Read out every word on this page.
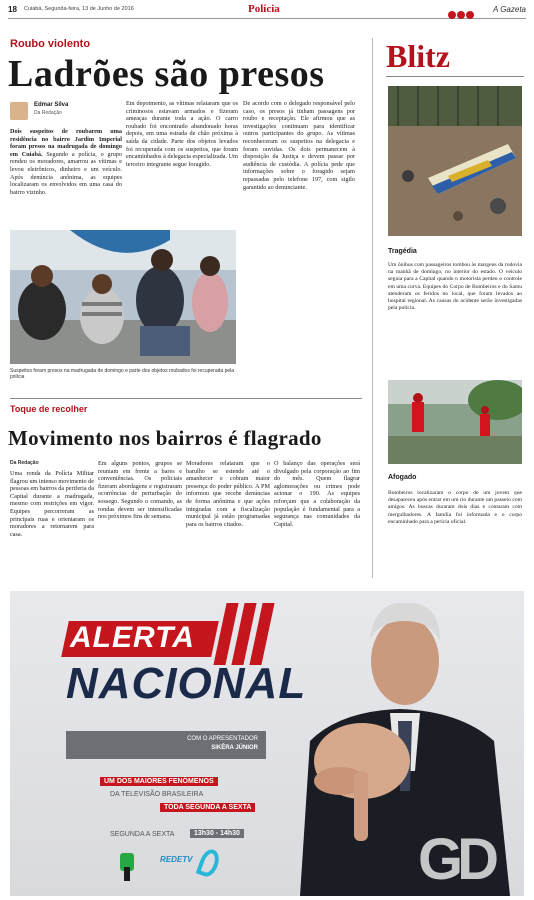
18 Cuiabá, Segunda-feira, 13 de Junho de 2016	Polícia	A Gazeta
Roubo violento
Ladrões são presos
Edmar Silva
Da Redação
Dois suspeitos de roubarem uma residência no bairro Jardim Imperial foram presos na madrugada de domingo em Cuiabá. Segundo a polícia, o grupo rendeu os moradores, amarrou as vítimas e levou eletrônicos, dinheiro e um veículo. Após denúncia anônima, as equipes localizaram os envolvidos em uma casa do bairro vizinho.
Em depoimento, as vítimas relataram que os criminosos estavam armados e fizeram ameaças durante toda a ação. O carro roubado foi encontrado abandonado horas depois, em uma estrada de chão próxima à saída da cidade. Parte dos objetos levados foi recuperada com os suspeitos, que foram encaminhados à delegacia especializada. Um terceiro integrante segue foragido.
De acordo com o delegado responsável pelo caso, os presos já tinham passagens por roubo e receptação. Ele afirmou que as investigações continuam para identificar outros participantes do grupo. As vítimas reconheceram os suspeitos na delegacia e foram ouvidas. Os dois permanecem à disposição da Justiça e devem passar por audiência de custódia. A polícia pede que informações sobre o foragido sejam repassadas pelo telefone 197, com sigilo garantido ao denunciante.
Suspeitos foram presos na madrugada de domingo e parte dos objetos roubados foi recuperada pela polícia
Toque de recolher
Movimento nos bairros é flagrado
Da Redação
Uma ronda da Polícia Militar flagrou um intenso movimento de pessoas em bairros da periferia da Capital durante a madrugada, mesmo com restrições em vigor. Equipes percorreram as principais ruas e orientaram os moradores a retornarem para casa.
Em alguns pontos, grupos se reuniam em frente a bares e conveniências. Os policiais fizeram abordagens e registraram ocorrências de perturbação do sossego. Segundo o comando, as rondas devem ser intensificadas nos próximos fins de semana.
Moradores relataram que o barulho se estende até o amanhecer e cobram maior presença do poder público. A PM informou que recebe denúncias de forma anônima e que ações integradas com a fiscalização municipal já estão programadas para os bairros citados.
O balanço das operações será divulgado pela corporação ao fim do mês. Quem flagrar aglomerações ou crimes pode acionar o 190. As equipes reforçam que a colaboração da população é fundamental para a segurança nas comunidades da Capital.
Blitz
Tragédia
Um ônibus com passageiros tombou às margens da rodovia na manhã de domingo, no interior do estado. O veículo seguia para a Capital quando o motorista perdeu o controle em uma curva. Equipes do Corpo de Bombeiros e do Samu atenderam os feridos no local, que foram levados ao hospital regional. As causas do acidente serão investigadas pela polícia.
Afogado
Bombeiros localizaram o corpo de um jovem que desapareceu após entrar em um rio durante um passeio com amigos. As buscas duraram dois dias e contaram com mergulhadores. A família foi informada e o corpo encaminhado para a perícia oficial.
ALERTA
NACIONAL
COM O APRESENTADOR
SIKÊRA JÚNIOR
UM DOS MAIORES FENÔMENOS
DA TELEVISÃO BRASILEIRA
TODA SEGUNDA A SEXTA
SEGUNDA A SEXTA	13h30 - 14h30
REDETV	GD
